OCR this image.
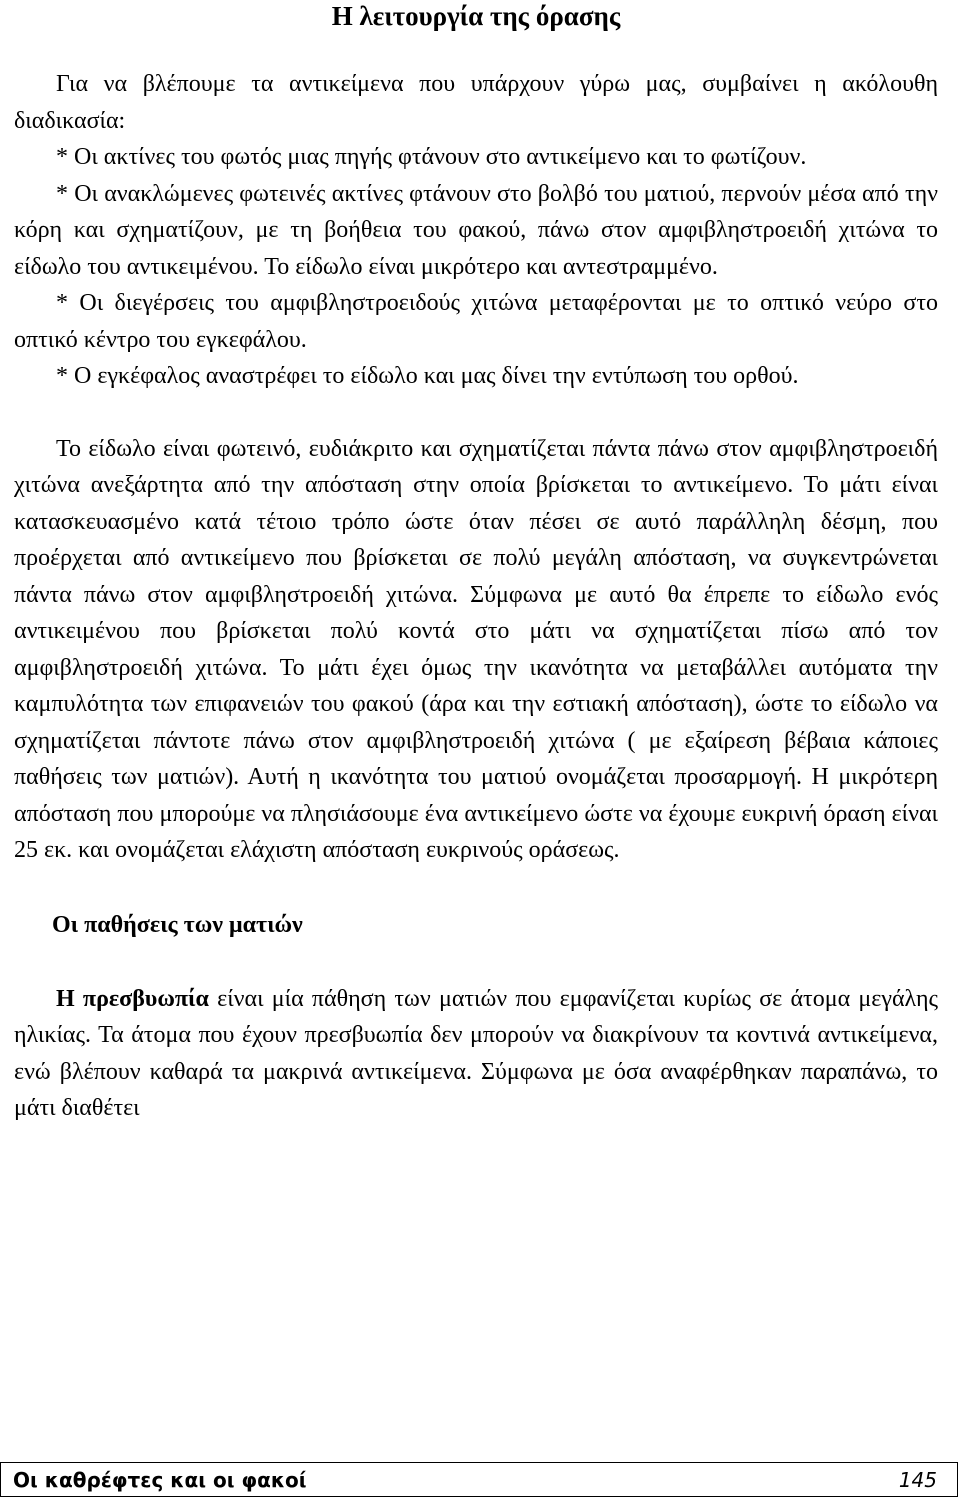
Η λειτουργία της όρασης

Για να βλέπουμε τα αντικείμενα που υπάρχουν γύρω μας, συμβαίνει η ακόλουθη διαδικασία:

* Οι ακτίνες του φωτός μιας πηγής φτάνουν στο αντικείμενο και το φωτίζουν.

* Οι ανακλώμενες φωτεινές ακτίνες φτάνουν στο βολβό του ματιού, περνούν μέσα από την κόρη και σχηματίζουν, με τη βοήθεια του φακού, πάνω στον αμφιβληστροειδή χιτώνα το είδωλο του αντικειμένου. Το είδωλο είναι μικρότερο και αντεστραμμένο.

* Οι διεγέρσεις του αμφιβληστροειδούς χιτώνα μεταφέρονται με το οπτικό νεύρο στο οπτικό κέντρο του εγκεφάλου.

* Ο εγκέφαλος αναστρέφει το είδωλο και μας δίνει την εντύπωση του ορθού.

Το είδωλο είναι φωτεινό, ευδιάκριτο και σχηματίζεται πάντα πάνω στον αμφιβληστροειδή χιτώνα ανεξάρτητα από την απόσταση στην οποία βρίσκεται το αντικείμενο. Το μάτι είναι κατασκευασμένο κατά τέτοιο τρόπο ώστε όταν πέσει σε αυτό παράλληλη δέσμη, που προέρχεται από αντικείμενο που βρίσκεται σε πολύ μεγάλη απόσταση, να συγκεντρώνεται πάντα πάνω στον αμφιβληστροειδή χιτώνα. Σύμφωνα με αυτό θα έπρεπε το είδωλο ενός αντικειμένου που βρίσκεται πολύ κοντά στο μάτι να σχηματίζεται πίσω από τον αμφιβληστροειδή χιτώνα. Το μάτι έχει όμως την ικανότητα να μεταβάλλει αυτόματα την καμπυλότητα των επιφανειών του φακού (άρα και την εστιακή απόσταση), ώστε το είδωλο να σχηματίζεται πάντοτε πάνω στον αμφιβληστροειδή χιτώνα ( με εξαίρεση βέβαια κάποιες παθήσεις των ματιών). Αυτή η ικανότητα του ματιού ονομάζεται προσαρμογή. Η μικρότερη απόσταση που μπορούμε να πλησιάσουμε ένα αντικείμενο ώστε να έχουμε ευκρινή όραση είναι 25 εκ. και ονομάζεται ελάχιστη απόσταση ευκρινούς οράσεως.

Οι παθήσεις των ματιών

Η πρεσβυωπία είναι μία πάθηση των ματιών που εμφανίζεται κυρίως σε άτομα μεγάλης ηλικίας. Τα άτομα που έχουν πρεσβυωπία δεν μπορούν να διακρίνουν τα κοντινά αντικείμενα, ενώ βλέπουν καθαρά τα μακρινά αντικείμενα. Σύμφωνα με όσα αναφέρθηκαν παραπάνω, το μάτι διαθέτει

Οι καθρέφτες και οι φακοί	145
